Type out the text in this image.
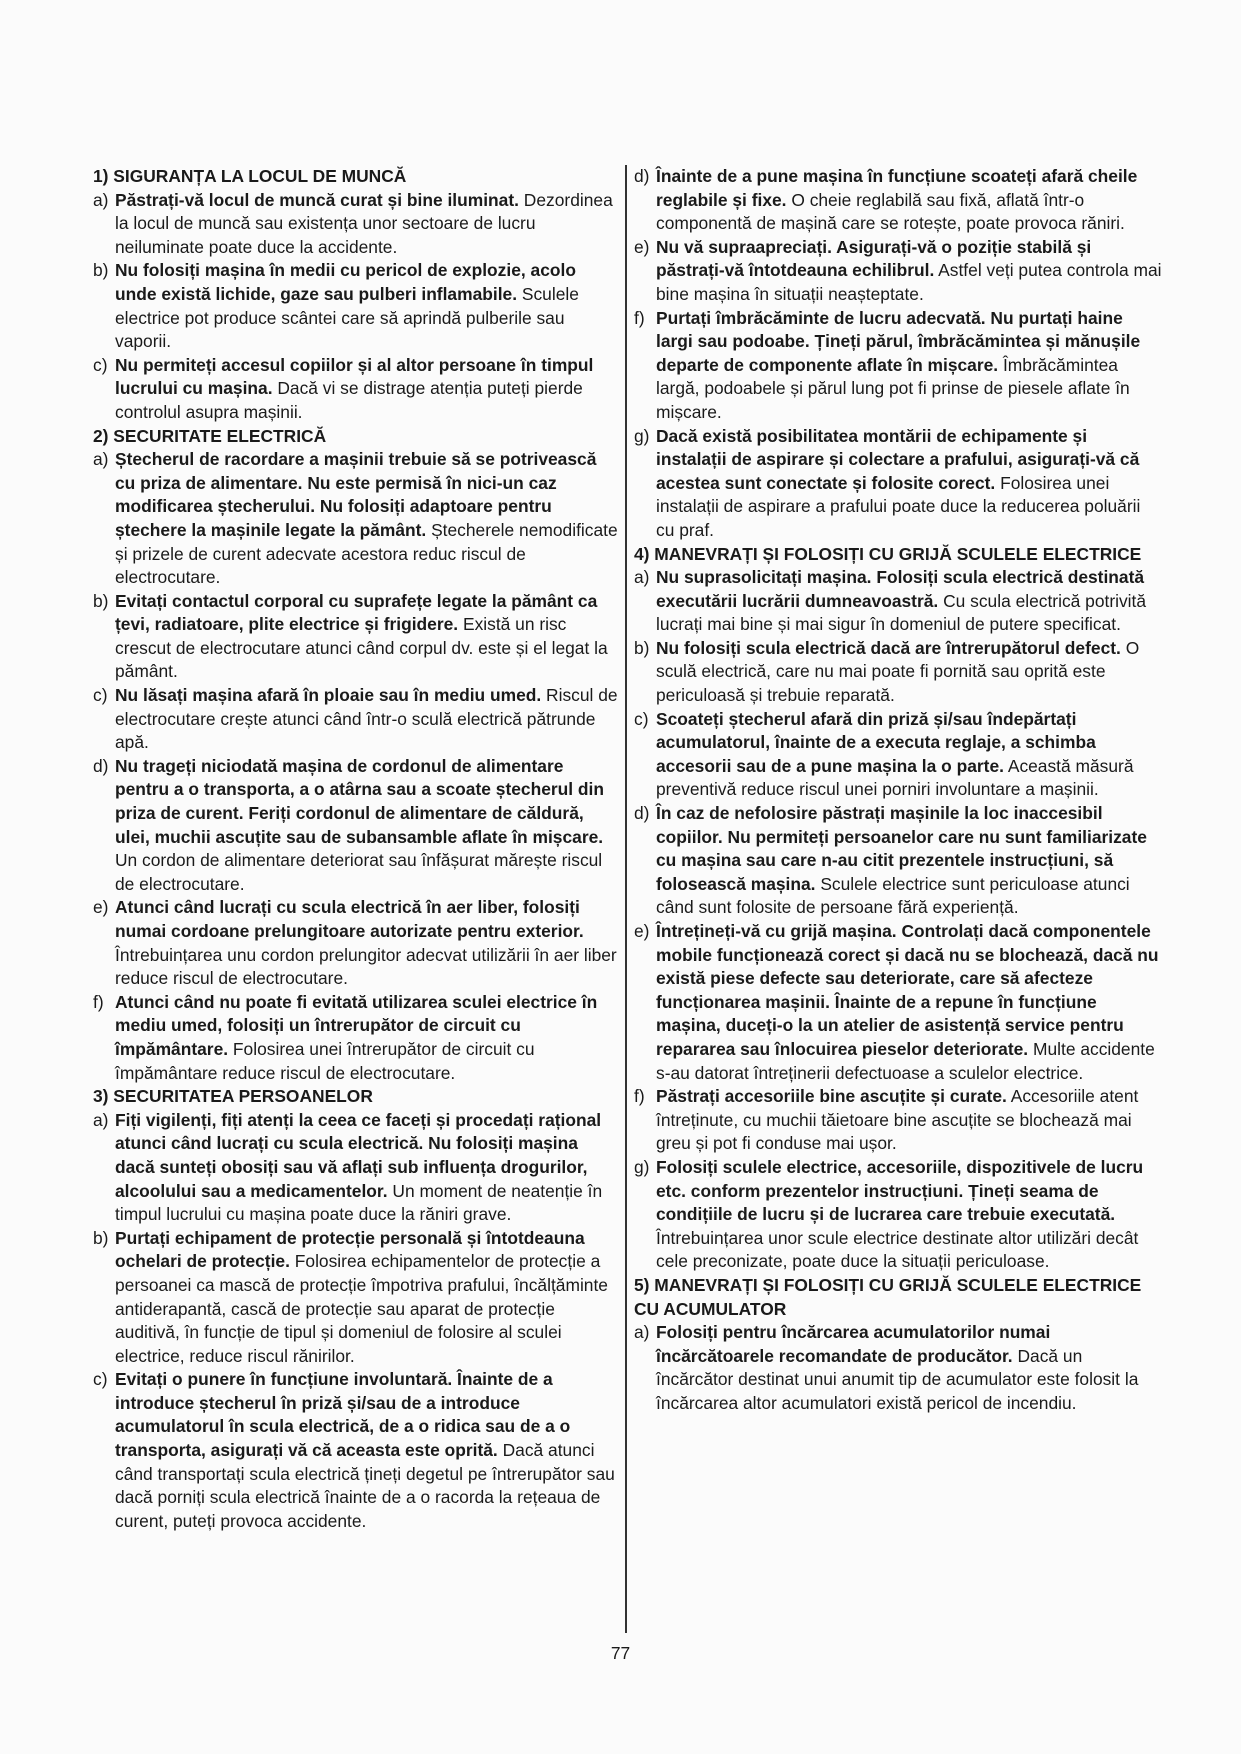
1) SIGURANȚA LA LOCUL DE MUNCĂ
a) Păstrați-vă locul de muncă curat și bine iluminat. Dezordinea la locul de muncă sau existența unor sectoare de lucru neiluminate poate duce la accidente.
b) Nu folosiți mașina în medii cu pericol de explozie, acolo unde există lichide, gaze sau pulberi inflamabile. Sculele electrice pot produce scântei care să aprindă pulberile sau vaporii.
c) Nu permiteți accesul copiilor și al altor persoane în timpul lucrului cu mașina. Dacă vi se distrage atenția puteți pierde controlul asupra mașinii.
2) SECURITATE ELECTRICĂ
a) Ștecherul de racordare a mașinii trebuie să se potrivească cu priza de alimentare. Nu este permisă în nici-un caz modificarea ștecherului. Nu folosiți adaptoare pentru ștechere la mașinile legate la pământ. Ștecherele nemodificate și prizele de curent adecvate acestora reduc riscul de electrocutare.
b) Evitați contactul corporal cu suprafețe legate la pământ ca țevi, radiatoare, plite electrice și frigidere. Există un risc crescut de electrocutare atunci când corpul dv. este și el legat la pământ.
c) Nu lăsați mașina afară în ploaie sau în mediu umed. Riscul de electrocutare crește atunci când într-o sculă electrică pătrunde apă.
d) Nu trageți niciodată mașina de cordonul de alimentare pentru a o transporta, a o atârna sau a scoate ștecherul din priza de curent. Feriți cordonul de alimentare de căldură, ulei, muchii ascuțite sau de subansamble aflate în mișcare. Un cordon de alimentare deteriorat sau înfășurat mărește riscul de electrocutare.
e) Atunci când lucrați cu scula electrică în aer liber, folosiți numai cordoane prelungitoare autorizate pentru exterior. Întrebuințarea unu cordon prelungitor adecvat utilizării în aer liber reduce riscul de electrocutare.
f) Atunci când nu poate fi evitată utilizarea sculei electrice în mediu umed, folosiți un întrerupător de circuit cu împământare. Folosirea unei întrerupător de circuit cu împământare reduce riscul de electrocutare.
3) SECURITATEA PERSOANELOR
a) Fiți vigilenți, fiți atenți la ceea ce faceți și procedați rațional atunci când lucrați cu scula electrică. Nu folosiți mașina dacă sunteți obosiți sau vă aflați sub influența drogurilor, alcoolului sau a medicamentelor. Un moment de neatenție în timpul lucrului cu mașina poate duce la răniri grave.
b) Purtați echipament de protecție personală și întotdeauna ochelari de protecție. Folosirea echipamentelor de protecție a persoanei ca mască de protecție împotriva prafului, încălțăminte antiderapantă, cască de protecție sau aparat de protecție auditivă, în funcție de tipul și domeniul de folosire al sculei electrice, reduce riscul rănirilor.
c) Evitați o punere în funcțiune involuntară. Înainte de a introduce ștecherul în priză și/sau de a introduce acumulatorul în scula electrică, de a o ridica sau de a o transporta, asigurați vă că aceasta este oprită. Dacă atunci când transportați scula electrică țineți degetul pe întrerupător sau dacă porniți scula electrică înainte de a o racorda la rețeaua de curent, puteți provoca accidente.
d) Înainte de a pune mașina în funcțiune scoateți afară cheile reglabile și fixe. O cheie reglabilă sau fixă, aflată într-o componentă de mașină care se rotește, poate provoca răniri.
e) Nu vă supraapreciați. Asigurați-vă o poziție stabilă și păstrați-vă întotdeauna echilibrul. Astfel veți putea controla mai bine mașina în situații neașteptate.
f) Purtați îmbrăcăminte de lucru adecvată. Nu purtați haine largi sau podoabe. Țineți părul, îmbrăcămintea și mănușile departe de componente aflate în mișcare. Îmbrăcămintea largă, podoabele și părul lung pot fi prinse de piesele aflate în mișcare.
g) Dacă există posibilitatea montării de echipamente și instalații de aspirare și colectare a prafului, asigurați-vă că acestea sunt conectate și folosite corect. Folosirea unei instalații de aspirare a prafului poate duce la reducerea poluării cu praf.
4) MANEVRAȚI ȘI FOLOSIȚI CU GRIJĂ SCULELE ELECTRICE
a) Nu suprasolicitați mașina. Folosiți scula electrică destinată executării lucrării dumneavoastră. Cu scula electrică potrivită lucrați mai bine și mai sigur în domeniul de putere specificat.
b) Nu folosiți scula electrică dacă are întrerupătorul defect. O sculă electrică, care nu mai poate fi pornită sau oprită este periculoasă și trebuie reparată.
c) Scoateți ștecherul afară din priză și/sau îndepărtați acumulatorul, înainte de a executa reglaje, a schimba accesorii sau de a pune mașina la o parte. Această măsură preventivă reduce riscul unei porniri involuntare a mașinii.
d) În caz de nefolosire păstrați mașinile la loc inaccesibil copiilor. Nu permiteți persoanelor care nu sunt familiarizate cu mașina sau care n-au citit prezentele instrucțiuni, să folosească mașina. Sculele electrice sunt periculoase atunci când sunt folosite de persoane fără experiență.
e) Întrețineți-vă cu grijă mașina. Controlați dacă componentele mobile funcționează corect și dacă nu se blochează, dacă nu există piese defecte sau deteriorate, care să afecteze funcționarea mașinii. Înainte de a repune în funcțiune mașina, duceți-o la un atelier de asistență service pentru repararea sau înlocuirea pieselor deteriorate. Multe accidente s-au datorat întreținerii defectuoase a sculelor electrice.
f) Păstrați accesoriile bine ascuțite și curate. Accesoriile atent întreținute, cu muchii tăietoare bine ascuțite se blochează mai greu și pot fi conduse mai ușor.
g) Folosiți sculele electrice, accesoriile, dispozitivele de lucru etc. conform prezentelor instrucțiuni. Țineți seama de condițiile de lucru și de lucrarea care trebuie executată. Întrebuințarea unor scule electrice destinate altor utilizări decât cele preconizate, poate duce la situații periculoase.
5) MANEVRAȚI ȘI FOLOSIȚI CU GRIJĂ SCULELE ELECTRICE CU ACUMULATOR
a) Folosiți pentru încărcarea acumulatorilor numai încărcătoarele recomandate de producător. Dacă un încărcător destinat unui anumit tip de acumulator este folosit la încărcarea altor acumulatori există pericol de incendiu.
77
